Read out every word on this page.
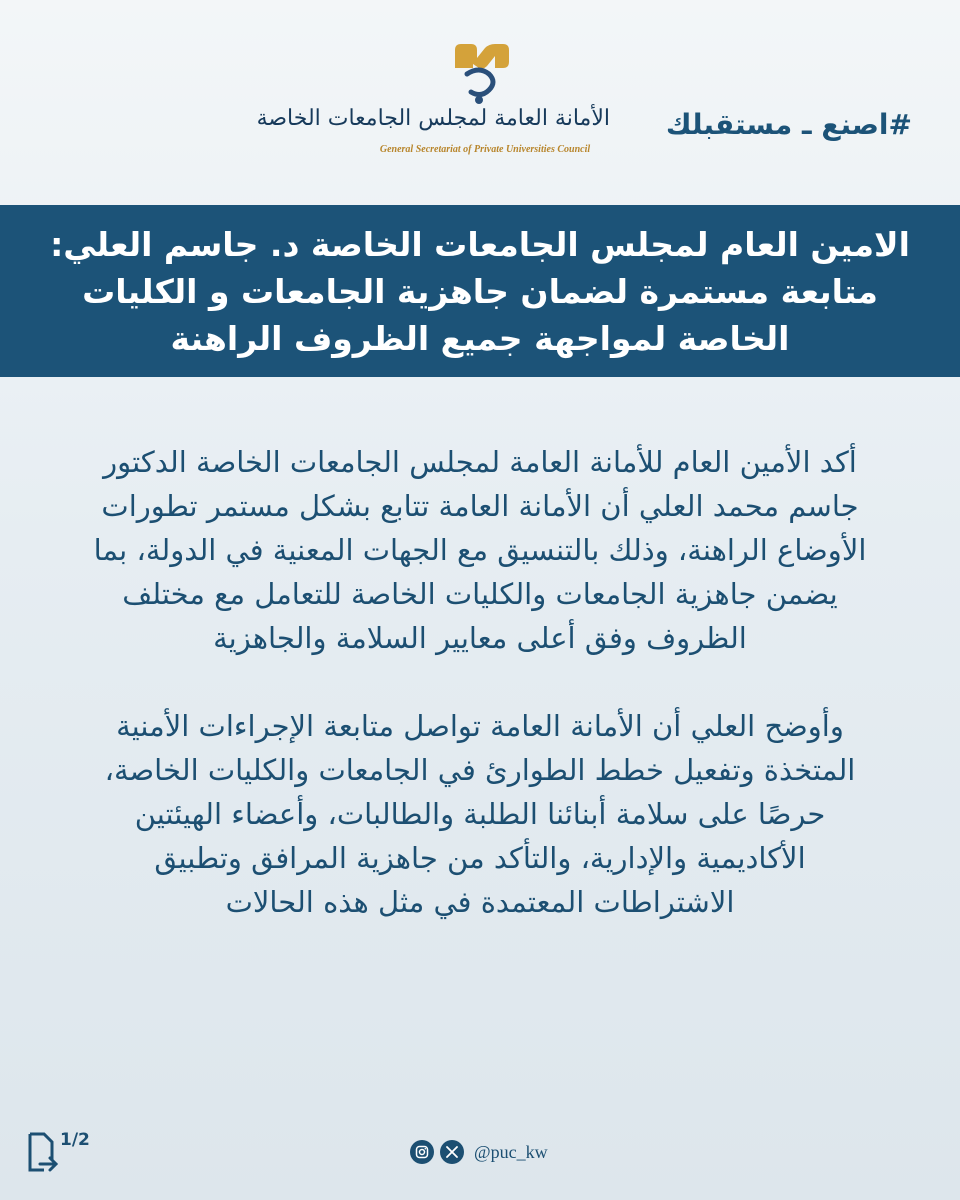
#اصنع ـ مستقبلك
الأمانة العامة لمجلس الجامعات الخاصة
General Secretariat of Private Universities Council
الامين العام لمجلس الجامعات الخاصة د. جاسم العلي: متابعة مستمرة لضمان جاهزية الجامعات و الكليات الخاصة لمواجهة جميع الظروف الراهنة

أكد الأمين العام للأمانة العامة لمجلس الجامعات الخاصة الدكتور جاسم محمد العلي أن الأمانة العامة تتابع بشكل مستمر تطورات الأوضاع الراهنة، وذلك بالتنسيق مع الجهات المعنية في الدولة، بما يضمن جاهزية الجامعات والكليات الخاصة للتعامل مع مختلف الظروف وفق أعلى معايير السلامة والجاهزية

وأوضح العلي أن الأمانة العامة تواصل متابعة الإجراءات الأمنية المتخذة وتفعيل خطط الطوارئ في الجامعات والكليات الخاصة، حرصًا على سلامة أبنائنا الطلبة والطالبات، وأعضاء الهيئتين الأكاديمية والإدارية، والتأكد من جاهزية المرافق وتطبيق الاشتراطات المعتمدة في مثل هذه الحالات

1/2
@puc_kw
